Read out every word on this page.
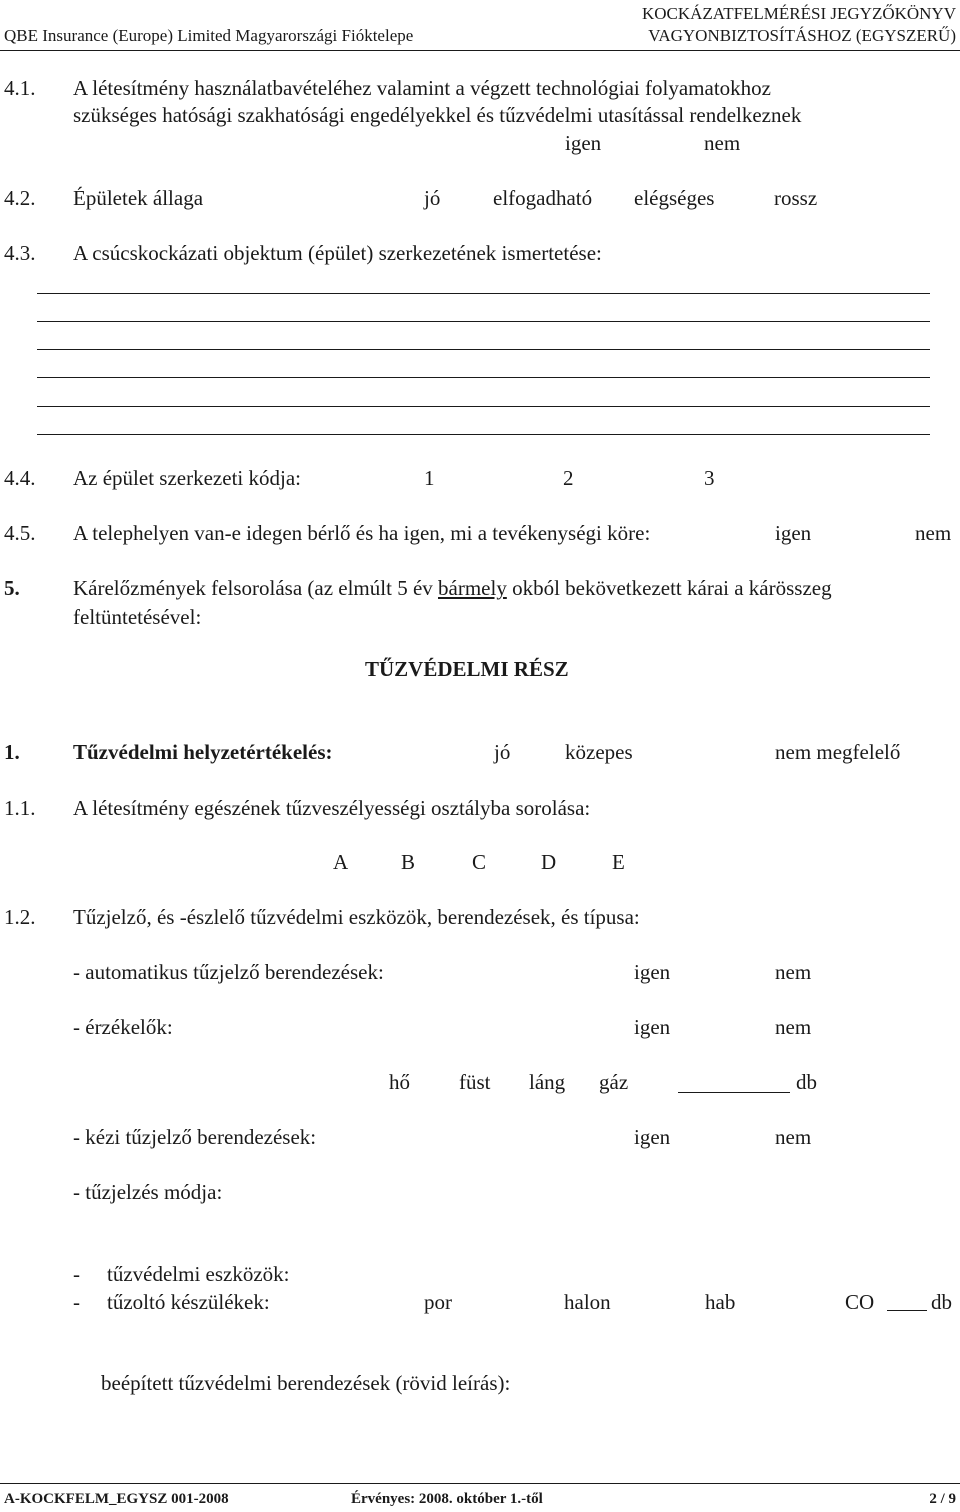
QBE Insurance (Europe) Limited Magyarországi Fióktelepe
KOCKÁZATFELMÉRÉSI JEGYZŐKÖNYV
VAGYONBIZTOSÍTÁSHOZ (EGYSZERŰ)
4.1. A létesítmény használatbavételéhez valamint a végzett technológiai folyamatokhoz
szükséges hatósági szakhatósági engedélyekkel és tűzvédelmi utasítással rendelkeznek
igen	nem
4.2. Épületek állaga	jó	elfogadható elégséges	rossz
4.3. A csúcskockázati objektum (épület) szerkezetének ismertetése:
4.4. Az épület szerkezeti kódja:	1	2	3
4.5. A telephelyen van-e idegen bérlő és ha igen, mi a tevékenységi köre:	igen	nem
5.	Kárelőzmények felsorolása (az elmúlt 5 év bármely okból bekövetkezett kárai a kárösszeg
feltüntetésével:
TŰZVÉDELMI RÉSZ
1.	Tűzvédelmi helyzetértékelés:	jó	közepes	nem megfelelő
1.1. A létesítmény egészének tűzveszélyességi osztályba sorolása:
A	B	C	D	E
1.2. Tűzjelző, és -észlelő tűzvédelmi eszközök, berendezések, és típusa:
- automatikus tűzjelző berendezések:	igen	nem
- érzékelők:	igen	nem
hő füst láng gáz	db
- kézi tűzjelző berendezések:	igen	nem
- tűzjelzés módja:
- tűzvédelmi eszközök:
- tűzoltó készülékek:	por	halon	hab	CO	db
beépített tűzvédelmi berendezések (rövid leírás):
A-KOCKFELM_EGYSZ 001-2008	Érvényes: 2008. október 1.-től	2 / 9
